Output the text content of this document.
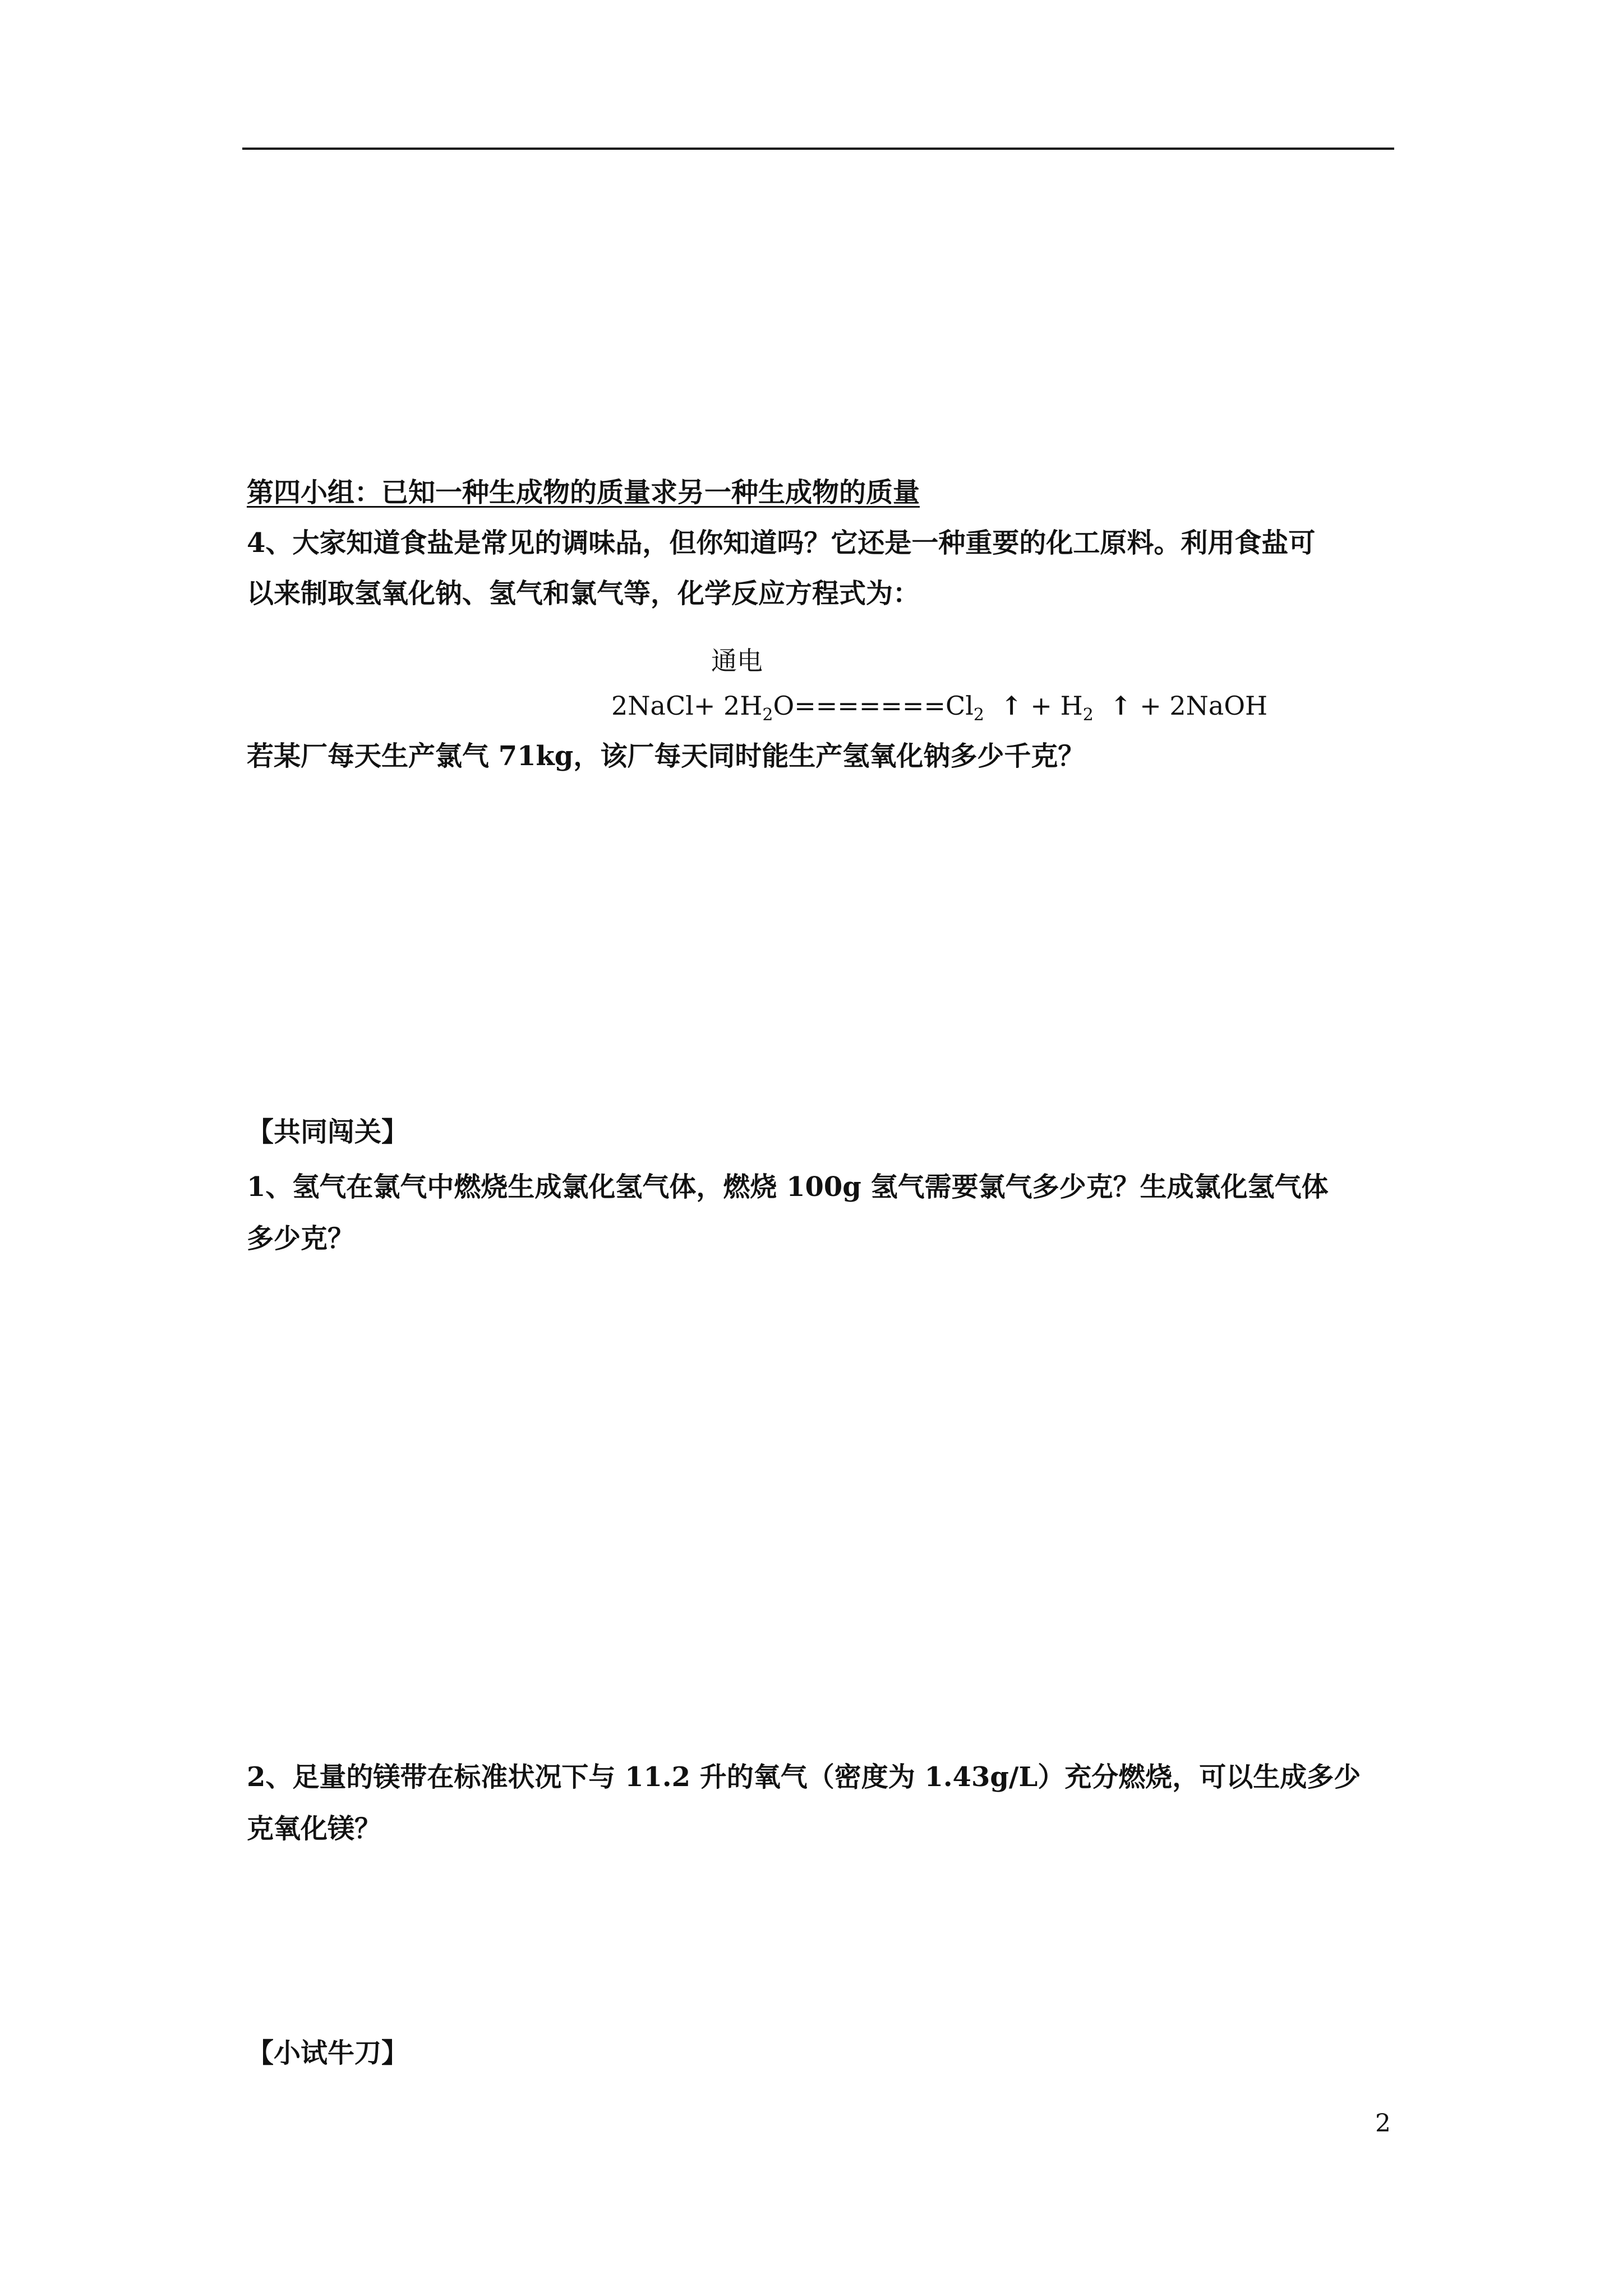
第四小组：已知一种生成物的质量求另一种生成物的质量
4、大家知道食盐是常见的调味品，但你知道吗？它还是一种重要的化工原料。利用食盐可
以来制取氢氧化钠、氢气和氯气等，化学反应方程式为：
通电
2NaCl+ $2H_2O=======Cl_2$ ↑ + $H_2$ ↑ + 2NaOH
若某厂每天生产氯气 71kg，该厂每天同时能生产氢氧化钠多少千克？
【共同闯关】
1、氢气在氯气中燃烧生成氯化氢气体，燃烧 100g 氢气需要氯气多少克？生成氯化氢气体
多少克？
2、足量的镁带在标准状况下与 11.2 升的氧气（密度为 1.43g/L）充分燃烧，可以生成多少
克氧化镁？
【小试牛刀】
2
